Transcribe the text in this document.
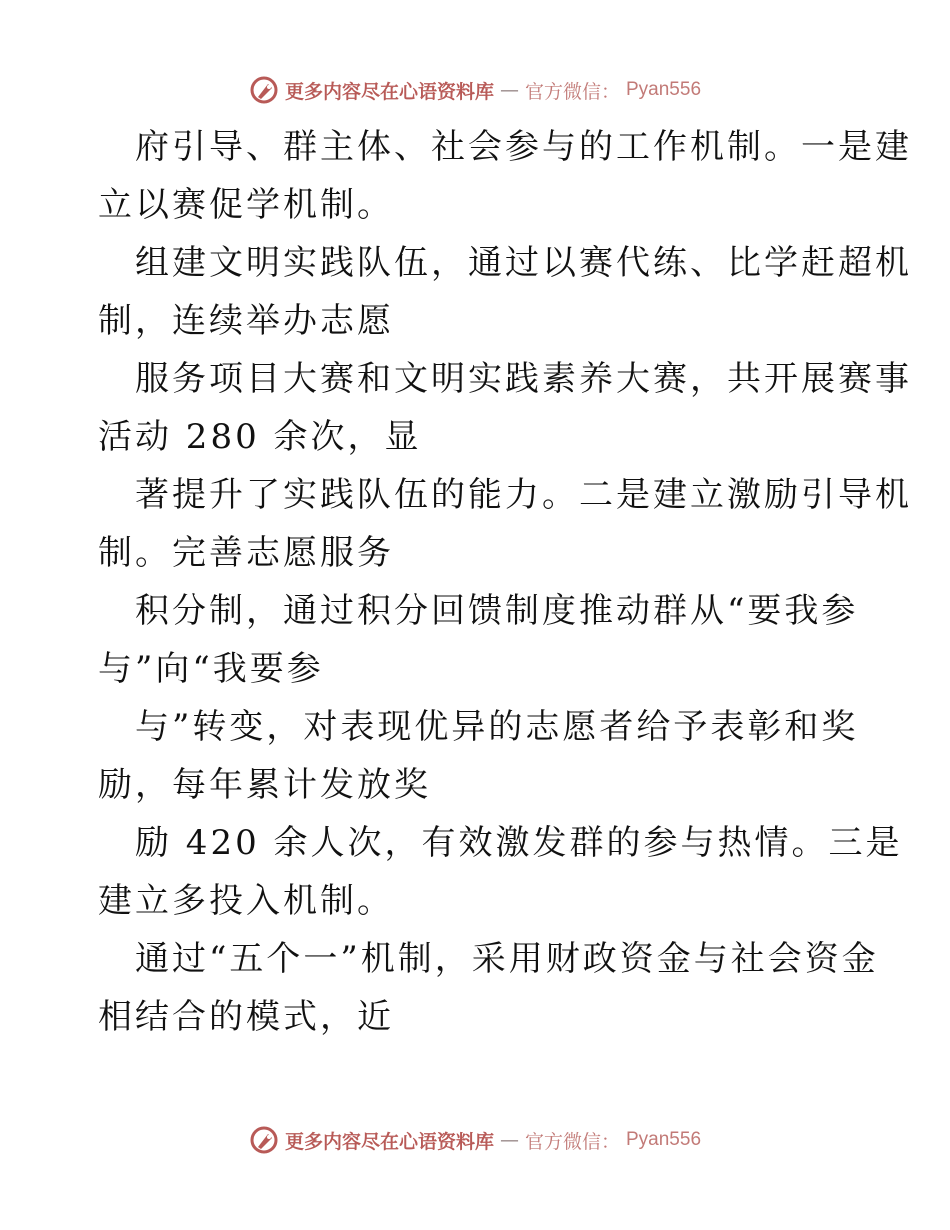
更多内容尽在心语资料库 — 官方微信： Pyan556
府引导、群主体、社会参与的工作机制。一是建
立以赛促学机制。
组建文明实践队伍，通过以赛代练、比学赶超机
制，连续举办志愿
服务项目大赛和文明实践素养大赛，共开展赛事
活动 280 余次，显
著提升了实践队伍的能力。二是建立激励引导机
制。完善志愿服务
积分制，通过积分回馈制度推动群从“要我参
与”向“我要参
与”转变，对表现优异的志愿者给予表彰和奖
励，每年累计发放奖
励 420 余人次，有效激发群的参与热情。三是
建立多投入机制。
通过“五个一”机制，采用财政资金与社会资金
相结合的模式，近
更多内容尽在心语资料库 — 官方微信： Pyan556
